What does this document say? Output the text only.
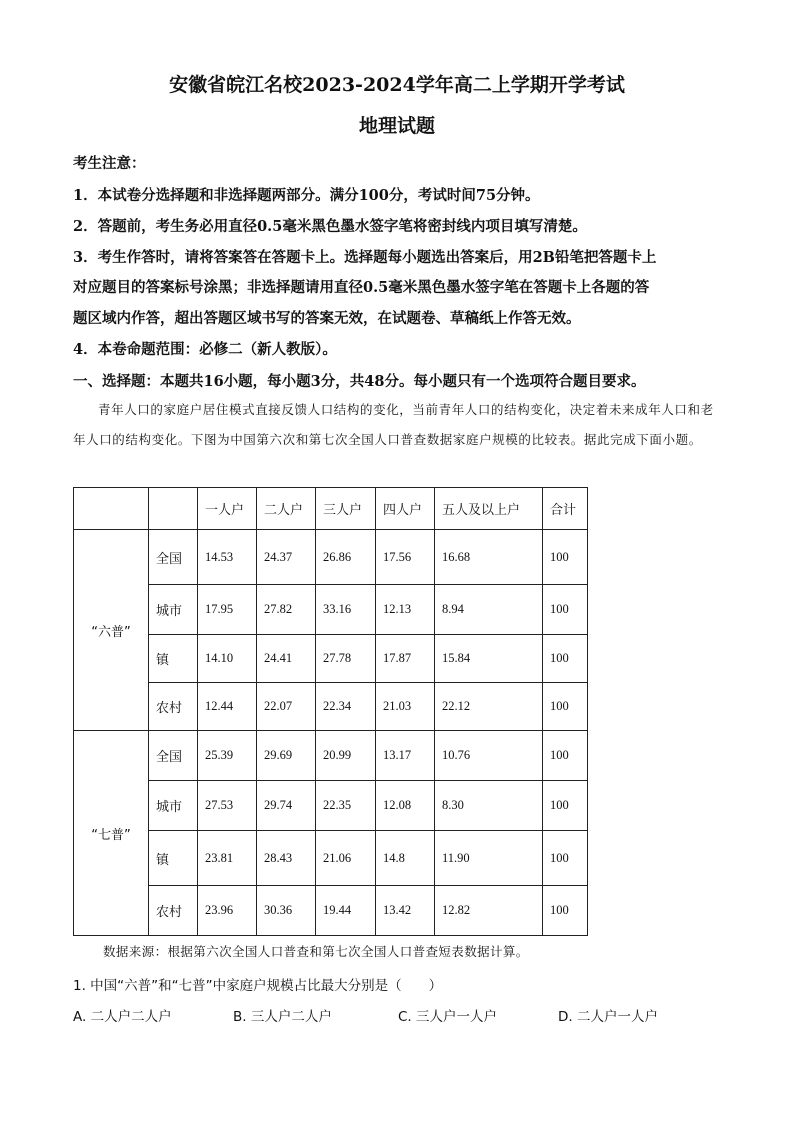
安徽省皖江名校2023-2024学年高二上学期开学考试
地理试题
考生注意：
1．本试卷分选择题和非选择题两部分。满分100分，考试时间75分钟。
2．答题前，考生务必用直径0.5毫米黑色墨水签字笔将密封线内项目填写清楚。
3．考生作答时，请将答案答在答题卡上。选择题每小题选出答案后，用2B铅笔把答题卡上
对应题目的答案标号涂黑；非选择题请用直径0.5毫米黑色墨水签字笔在答题卡上各题的答
题区域内作答，超出答题区域书写的答案无效，在试题卷、草稿纸上作答无效。
4．本卷命题范围：必修二（新人教版）。
一、选择题：本题共16小题，每小题3分，共48分。每小题只有一个选项符合题目要求。
青年人口的家庭户居住模式直接反馈人口结构的变化，当前青年人口的结构变化，决定着未来成年人口和老年人口的结构变化。下图为中国第六次和第七次全国人口普查数据家庭户规模的比较表。据此完成下面小题。
		一人户	二人户	三人户	四人户	五人及以上户	合计
“六普”	全国	14.53	24.37	26.86	17.56	16.68	100
	城市	17.95	27.82	33.16	12.13	8.94	100
	镇	14.10	24.41	27.78	17.87	15.84	100
	农村	12.44	22.07	22.34	21.03	22.12	100
“七普”	全国	25.39	29.69	20.99	13.17	10.76	100
	城市	27.53	29.74	22.35	12.08	8.30	100
	镇	23.81	28.43	21.06	14.8	11.90	100
	农村	23.96	30.36	19.44	13.42	12.82	100
数据来源：根据第六次全国人口普查和第七次全国人口普查短表数据计算。
1. 中国“六普”和“七普”中家庭户规模占比最大分别是（　　）
A. 二人户二人户	B. 三人户二人户	C. 三人户一人户	D. 二人户一人户
